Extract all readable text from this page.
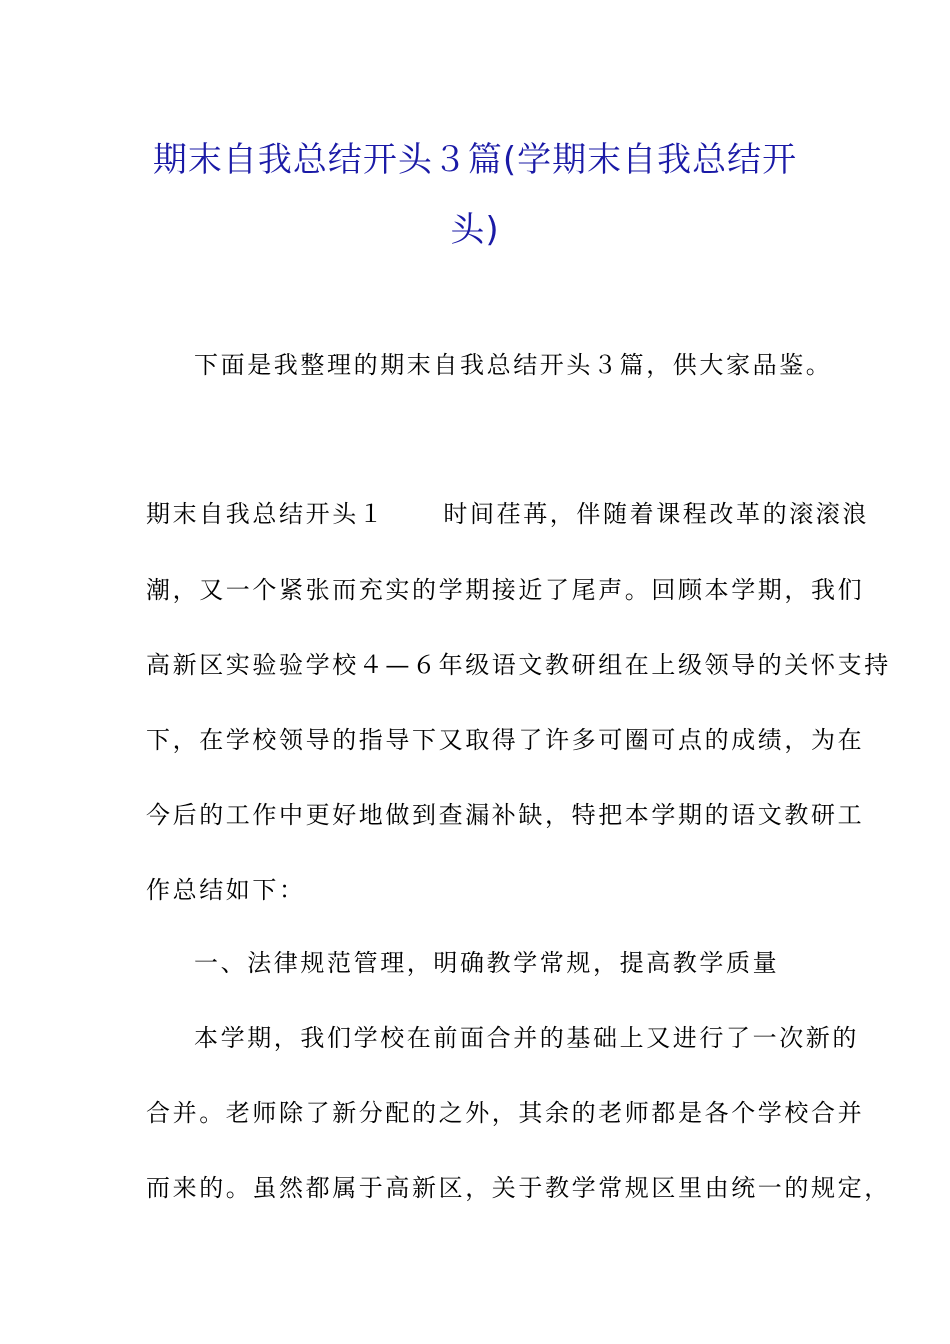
期末自我总结开头３篇(学期末自我总结开
头)
下面是我整理的期末自我总结开头３篇，供大家品鉴。
期末自我总结开头１ 时间荏苒，伴随着课程改革的滚滚浪
潮，又一个紧张而充实的学期接近了尾声。回顾本学期，我们
高新区实验验学校４—６年级语文教研组在上级领导的关怀支持
下，在学校领导的指导下又取得了许多可圈可点的成绩，为在
今后的工作中更好地做到查漏补缺，特把本学期的语文教研工
作总结如下：
一、法律规范管理，明确教学常规，提高教学质量
本学期，我们学校在前面合并的基础上又进行了一次新的
合并。老师除了新分配的之外，其余的老师都是各个学校合并
而来的。虽然都属于高新区，关于教学常规区里由统一的规定，
